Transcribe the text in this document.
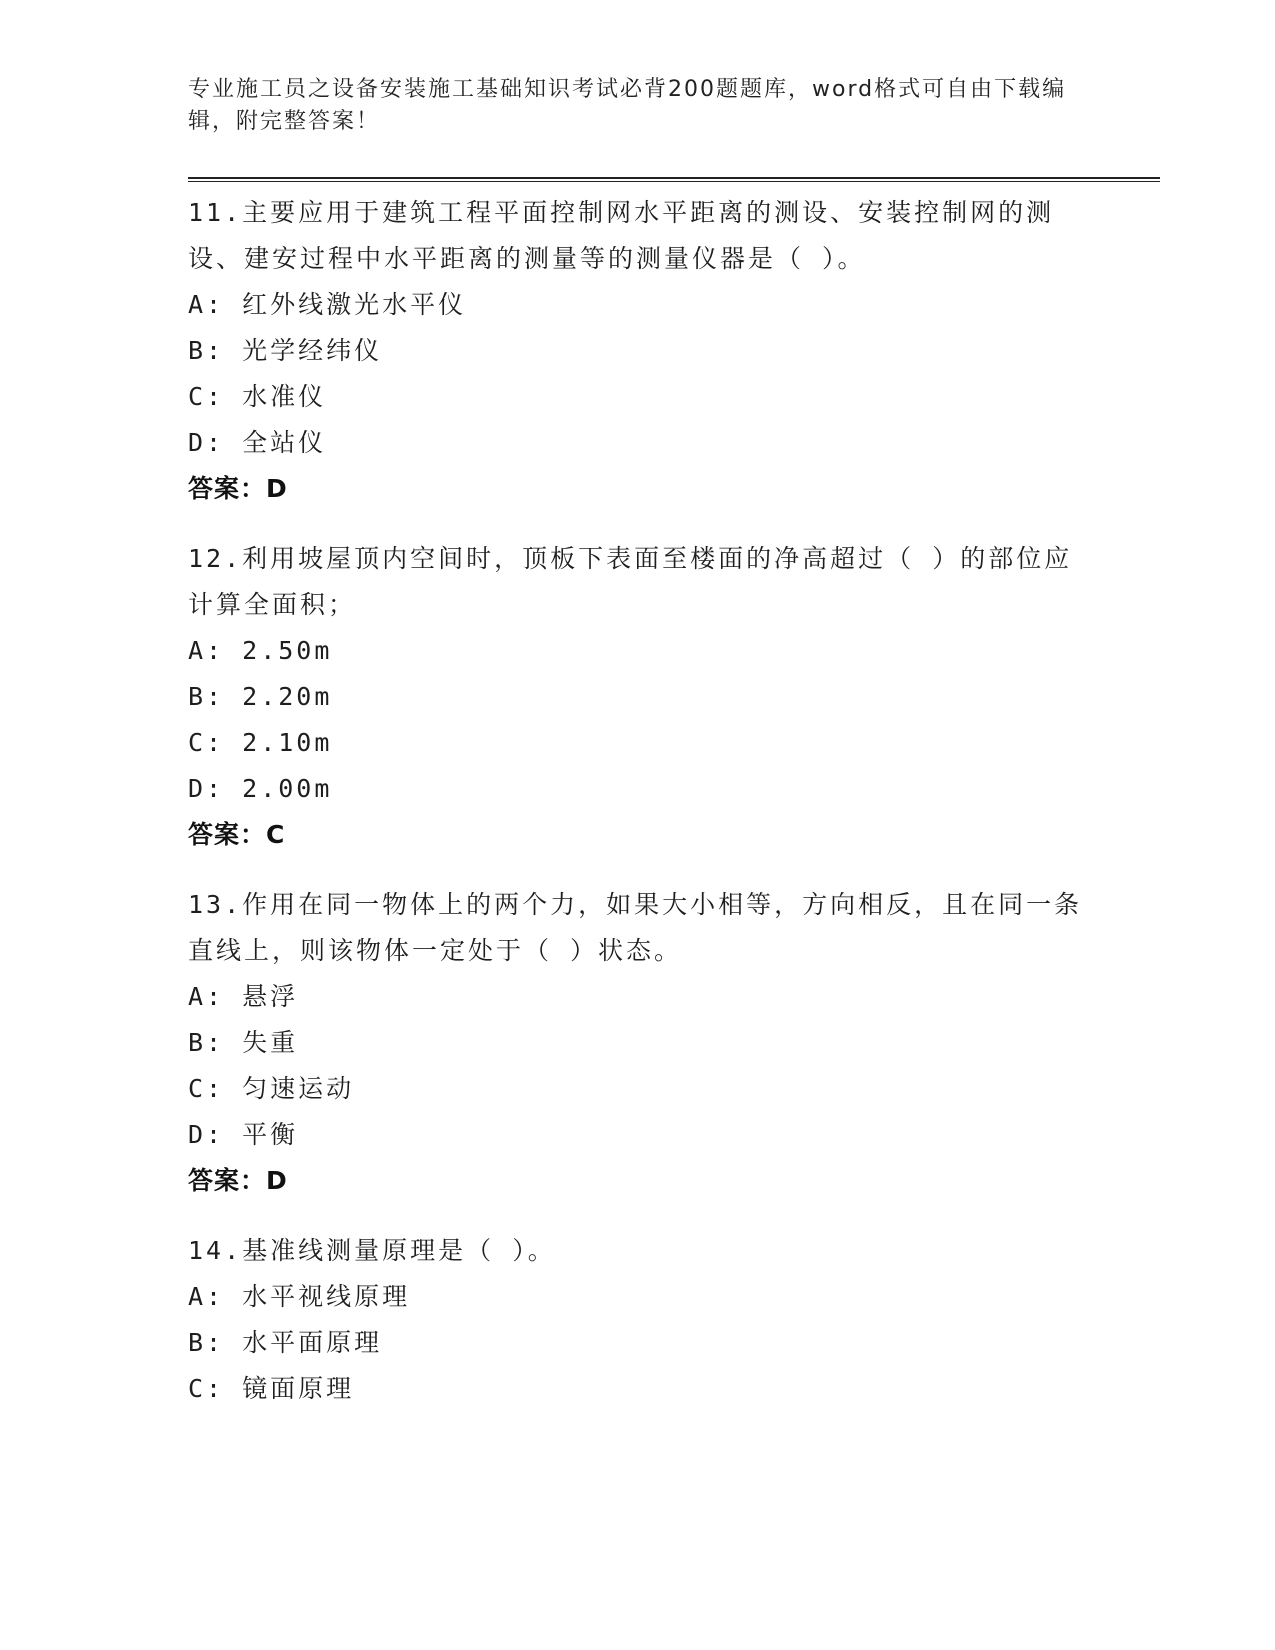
专业施工员之设备安装施工基础知识考试必背200题题库，word格式可自由下载编辑，附完整答案！
11.主要应用于建筑工程平面控制网水平距离的测设、安装控制网的测设、建安过程中水平距离的测量等的测量仪器是（ ）。
A: 红外线激光水平仪
B: 光学经纬仪
C: 水准仪
D: 全站仪
答案：D
12.利用坡屋顶内空间时，顶板下表面至楼面的净高超过（ ）的部位应计算全面积；
A: 2.50m
B: 2.20m
C: 2.10m
D: 2.00m
答案：C
13.作用在同一物体上的两个力，如果大小相等，方向相反，且在同一条直线上，则该物体一定处于（ ）状态。
A: 悬浮
B: 失重
C: 匀速运动
D: 平衡
答案：D
14.基准线测量原理是（ ）。
A: 水平视线原理
B: 水平面原理
C: 镜面原理
